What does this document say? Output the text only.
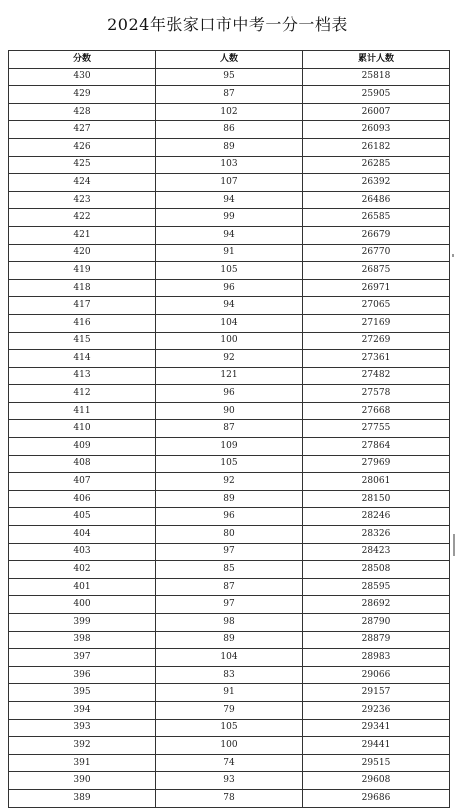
2024年张家口市中考一分一档表
分数	人数	累计人数
430	95	25818
429	87	25905
428	102	26007
427	86	26093
426	89	26182
425	103	26285
424	107	26392
423	94	26486
422	99	26585
421	94	26679
420	91	26770
419	105	26875
418	96	26971
417	94	27065
416	104	27169
415	100	27269
414	92	27361
413	121	27482
412	96	27578
411	90	27668
410	87	27755
409	109	27864
408	105	27969
407	92	28061
406	89	28150
405	96	28246
404	80	28326
403	97	28423
402	85	28508
401	87	28595
400	97	28692
399	98	28790
398	89	28879
397	104	28983
396	83	29066
395	91	29157
394	79	29236
393	105	29341
392	100	29441
391	74	29515
390	93	29608
389	78	29686
